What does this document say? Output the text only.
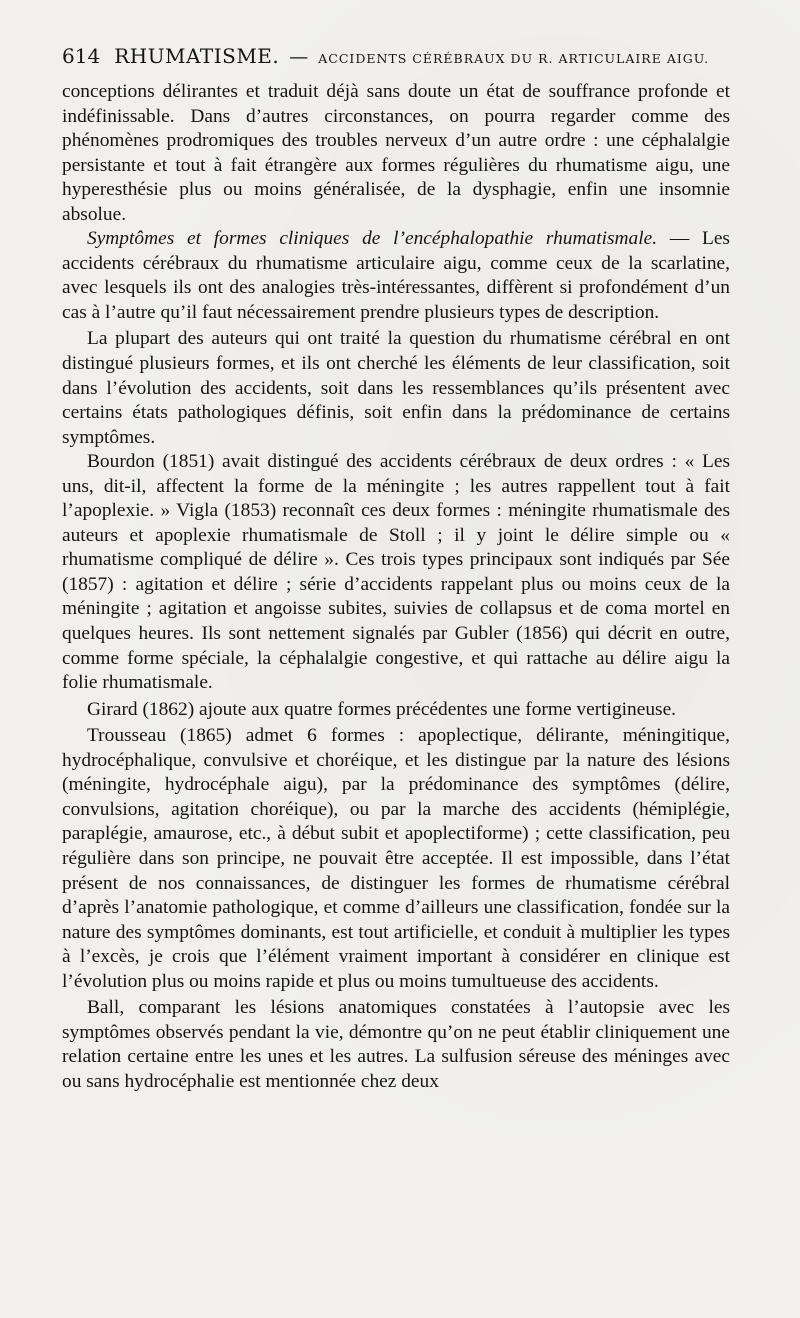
614 RHUMATISME. — ACCIDENTS CÉRÉBRAUX DU R. ARTICULAIRE AIGU.

conceptions délirantes et traduit déjà sans doute un état de souffrance profonde et indéfinissable. Dans d’autres circonstances, on pourra regarder comme des phénomènes prodromiques des troubles nerveux d’un autre ordre : une céphalalgie persistante et tout à fait étrangère aux formes régulières du rhumatisme aigu, une hyperesthésie plus ou moins généralisée, de la dysphagie, enfin une insomnie absolue.

Symptômes et formes cliniques de l’encéphalopathie rhumatismale. — Les accidents cérébraux du rhumatisme articulaire aigu, comme ceux de la scarlatine, avec lesquels ils ont des analogies très-intéressantes, diffèrent si profondément d’un cas à l’autre qu’il faut nécessairement prendre plusieurs types de description.

La plupart des auteurs qui ont traité la question du rhumatisme cérébral en ont distingué plusieurs formes, et ils ont cherché les éléments de leur classification, soit dans l’évolution des accidents, soit dans les ressemblances qu’ils présentent avec certains états pathologiques définis, soit enfin dans la prédominance de certains symptômes.

Bourdon (1851) avait distingué des accidents cérébraux de deux ordres : « Les uns, dit-il, affectent la forme de la méningite ; les autres rappellent tout à fait l’apoplexie. » Vigla (1853) reconnaît ces deux formes : méningite rhumatismale des auteurs et apoplexie rhumatismale de Stoll ; il y joint le délire simple ou « rhumatisme compliqué de délire ». Ces trois types principaux sont indiqués par Sée (1857) : agitation et délire ; série d’accidents rappelant plus ou moins ceux de la méningite ; agitation et angoisse subites, suivies de collapsus et de coma mortel en quelques heures. Ils sont nettement signalés par Gubler (1856) qui décrit en outre, comme forme spéciale, la céphalalgie congestive, et qui rattache au délire aigu la folie rhumatismale.

Girard (1862) ajoute aux quatre formes précédentes une forme vertigineuse.

Trousseau (1865) admet 6 formes : apoplectique, délirante, méningitique, hydrocéphalique, convulsive et choréique, et les distingue par la nature des lésions (méningite, hydrocéphale aigu), par la prédominance des symptômes (délire, convulsions, agitation choréique), ou par la marche des accidents (hémiplégie, paraplégie, amaurose, etc., à début subit et apoplectiforme) ; cette classification, peu régulière dans son principe, ne pouvait être acceptée. Il est impossible, dans l’état présent de nos connaissances, de distinguer les formes de rhumatisme cérébral d’après l’anatomie pathologique, et comme d’ailleurs une classification, fondée sur la nature des symptômes dominants, est tout artificielle, et conduit à multiplier les types à l’excès, je crois que l’élément vraiment important à considérer en clinique est l’évolution plus ou moins rapide et plus ou moins tumultueuse des accidents.

Ball, comparant les lésions anatomiques constatées à l’autopsie avec les symptômes observés pendant la vie, démontre qu’on ne peut établir cliniquement une relation certaine entre les unes et les autres. La sulfusion séreuse des méninges avec ou sans hydrocéphalie est mentionnée chez deux
